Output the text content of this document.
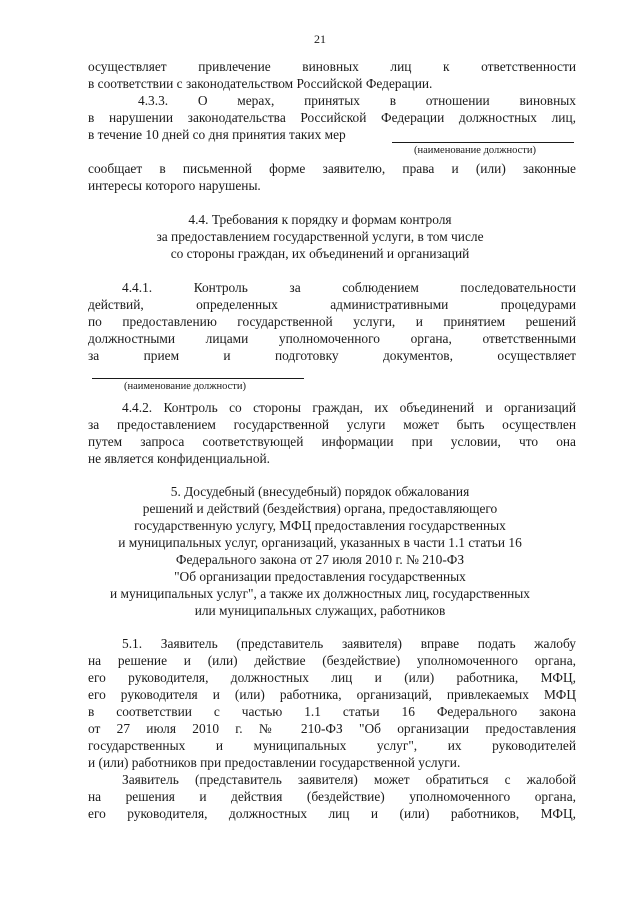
21
осуществляет привлечение виновных лиц к ответственности
в соответствии с законодательством Российской Федерации.
4.3.3. О мерах, принятых в отношении виновных
в нарушении законодательства Российской Федерации должностных лиц,
в течение 10 дней со дня принятия таких мер
(наименование должности)
сообщает в письменной форме заявителю, права и (или) законные
интересы которого нарушены.
4.4. Требования к порядку и формам контроля
за предоставлением государственной услуги, в том числе
со стороны граждан, их объединений и организаций
4.4.1. Контроль за соблюдением последовательности
действий, определенных административными процедурами
по предоставлению государственной услуги, и принятием решений
должностными лицами уполномоченного органа, ответственными
за прием и подготовку документов, осуществляет
(наименование должности)
4.4.2. Контроль со стороны граждан, их объединений и организаций
за предоставлением государственной услуги может быть осуществлен
путем запроса соответствующей информации при условии, что она
не является конфиденциальной.
5. Досудебный (внесудебный) порядок обжалования
решений и действий (бездействия) органа, предоставляющего
государственную услугу, МФЦ предоставления государственных
и муниципальных услуг, организаций, указанных в части 1.1 статьи 16
Федерального закона от 27 июля 2010 г. № 210-ФЗ
"Об организации предоставления государственных
и муниципальных услуг", а также их должностных лиц, государственных
или муниципальных служащих, работников
5.1. Заявитель (представитель заявителя) вправе подать жалобу
на решение и (или) действие (бездействие) уполномоченного органа,
его руководителя, должностных лиц и (или) работника, МФЦ,
его руководителя и (или) работника, организаций, привлекаемых МФЦ
в соответствии с частью 1.1 статьи 16 Федерального закона
от 27 июля 2010 г. № 210-ФЗ "Об организации предоставления
государственных и муниципальных услуг", их руководителей
и (или) работников при предоставлении государственной услуги.
Заявитель (представитель заявителя) может обратиться с жалобой
на решения и действия (бездействие) уполномоченного органа,
его руководителя, должностных лиц и (или) работников, МФЦ,
